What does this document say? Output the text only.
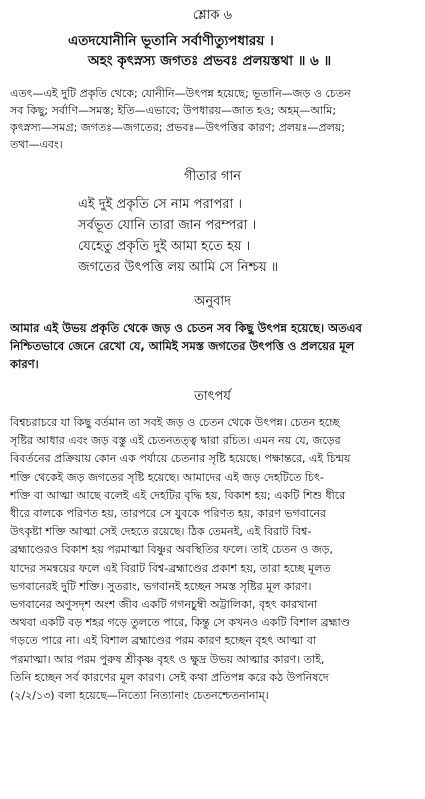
শ্লোক ৬
এতদযোনীনি ভূতানি সর্বাণীত্যুপধারয় ।
অহং কৃৎস্নস্য জগতঃ প্রভবঃ প্রলয়স্তথা ॥ ৬ ॥
এতৎ—এই দুটি প্রকৃতি থেকে; যোনীনি—উৎপন্ন হয়েছে; ভূতানি—জড় ও চেতন
সব কিছু; সর্বাণি—সমস্ত; ইতি—এভাবে; উপধারয়—জাত হও; অহম্—আমি;
কৃৎস্নস্য—সমগ্র; জগতঃ—জগতের; প্রভবঃ—উৎপত্তির কারণ; প্রলয়ঃ—প্রলয়;
তথা—এবং।
গীতার গান
এই দুই প্রকৃতি সে নাম পরাপরা ।
সর্বভূত যোনি তারা জান পরম্পরা ।
যেহেতু প্রকৃতি দুই আমা হতে হয় ।
জগতের উৎপত্তি লয় আমি সে নিশ্চয় ॥
অনুবাদ
আমার এই উভয় প্রকৃতি থেকে জড় ও চেতন সব কিছু উৎপন্ন হয়েছে। অতএব
নিশ্চিতভাবে জেনে রেখো যে, আমিই সমস্ত জগতের উৎপত্তি ও প্রলয়ের মূল
কারণ।
তাৎপর্য
বিশ্বচরাচরে যা কিছু বর্তমান তা সবই জড় ও চেতন থেকে উৎপন্ন। চেতন হচ্ছে
সৃষ্টির আধার এবং জড় বস্তু এই চেতনতত্ত্ব দ্বারা রচিত। এমন নয় যে, জড়ের
বিবর্তনের প্রক্রিয়ায় কোন এক পর্যায়ে চেতনার সৃষ্টি হয়েছে। পক্ষান্তরে, এই চিন্ময়
শক্তি থেকেই জড় জগতের সৃষ্টি হয়েছে। আমাদের এই জড় দেহটিতে চিৎ-
শক্তি বা আত্মা আছে বলেই এই দেহটির বৃদ্ধি হয়, বিকাশ হয়; একটি শিশু ধীরে
ধীরে বালকে পরিণত হয়, তারপরে সে যুবকে পরিণত হয়, কারণ ভগবানের
উৎকৃষ্টা শক্তি আত্মা সেই দেহতে রয়েছে। ঠিক তেমনই, এই বিরাট বিশ্ব-
ব্রহ্মাণ্ডেরও বিকাশ হয় পরমাত্মা বিষ্ণুর অবস্থিতির ফলে। তাই চেতন ও জড়,
যাদের সমন্বয়ের ফলে এই বিরাট বিশ্ব-ব্রহ্মাণ্ডের প্রকাশ হয়, তারা হচ্ছে মূলত
ভগবানেরই দুটি শক্তি। সুতরাং, ভগবানই হচ্ছেন সমস্ত সৃষ্টির মূল কারণ।
ভগবানের অণুসদৃশ অংশ জীব একটি গগনচুম্বী অট্টালিকা, বৃহৎ কারখানা
অথবা একটি বড় শহর গড়ে তুলতে পারে, কিন্তু সে কখনও একটি বিশাল ব্রহ্মাণ্ড
গড়তে পারে না। এই বিশাল ব্রহ্মাণ্ডের পরম কারণ হচ্ছেন বৃহৎ আত্মা বা
পরমাত্মা। আর পরম পুরুষ শ্রীকৃষ্ণ বৃহৎ ও ক্ষুদ্র উভয় আত্মার কারণ। তাই,
তিনি হচ্ছেন সর্ব কারণের মূল কারণ। সেই কথা প্রতিপন্ন করে কঠ উপনিষদে
(২/২/১৩) বলা হয়েছে—নিত্যো নিত্যানাং চেতনশ্চেতনানাম্।
